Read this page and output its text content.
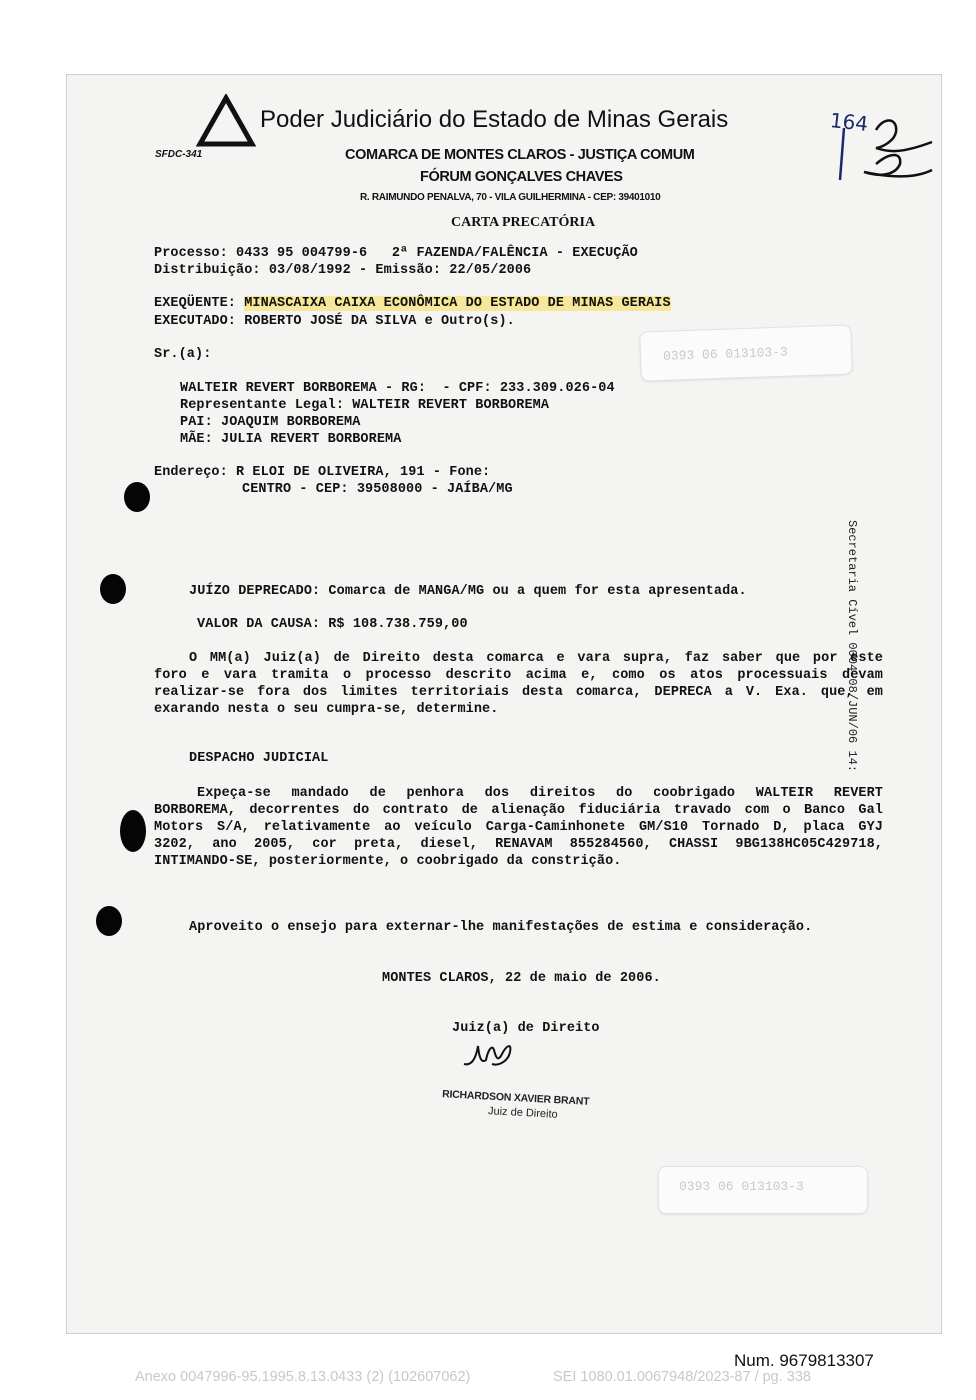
Poder Judiciário do Estado de Minas Gerais	164
SFDC-341	COMARCA DE MONTES CLAROS - JUSTIÇA COMUM
FÓRUM GONÇALVES CHAVES
R. RAIMUNDO PENALVA, 70 - VILA GUILHERMINA - CEP: 39401010
CARTA PRECATÓRIA
Processo: 0433 95 004799-6   2ª FAZENDA/FALÊNCIA - EXECUÇÃO
Distribuição: 03/08/1992 - Emissão: 22/05/2006
EXEQÜENTE: MINASCAIXA CAIXA ECONÔMICA DO ESTADO DE MINAS GERAIS
EXECUTADO: ROBERTO JOSÉ DA SILVA e Outro(s).
Sr.(a):	0393 06 013103-3
WALTEIR REVERT BORBOREMA - RG:  - CPF: 233.309.026-04
Representante Legal: WALTEIR REVERT BORBOREMA
PAI: JOAQUIM BORBOREMA
MÃE: JULIA REVERT BORBOREMA
Endereço: R ELOI DE OLIVEIRA, 191 - Fone:
CENTRO - CEP: 39508000 - JAÍBA/MG
Secretaria Cível 0004 08/JUN/06 14:
JUÍZO DEPRECADO: Comarca de MANGA/MG ou a quem for esta apresentada.
VALOR DA CAUSA: R$ 108.738.759,00
O MM(a) Juiz(a) de Direito desta comarca e vara supra, faz saber que por este
foro e vara tramita o processo descrito acima e, como os atos processuais devam
realizar-se fora dos limites territoriais desta comarca, DEPRECA a V. Exa. que, em
exarando nesta o seu cumpra-se, determine.
DESPACHO JUDICIAL
Expeça-se mandado de penhora dos direitos do coobrigado WALTEIR REVERT
BORBOREMA, decorrentes do contrato de alienação fiduciária travado com o Banco Gal
Motors S/A, relativamente ao veículo Carga-Caminhonete GM/S10 Tornado D, placa GYJ
3202, ano 2005, cor preta, diesel, RENAVAM 855284560, CHASSI 9BG138HC05C429718,
INTIMANDO-SE, posteriormente, o coobrigado da constrição.
Aproveito o ensejo para externar-lhe manifestações de estima e consideração.
MONTES CLAROS, 22 de maio de 2006.
Juiz(a) de Direito
RICHARDSON XAVIER BRANT
Juiz de Direito
0393 06 013103-3
Num. 9679813307
Anexo 0047996-95.1995.8.13.0433 (2) (102607062)	SEI 1080.01.0067948/2023-87 / pg. 338
